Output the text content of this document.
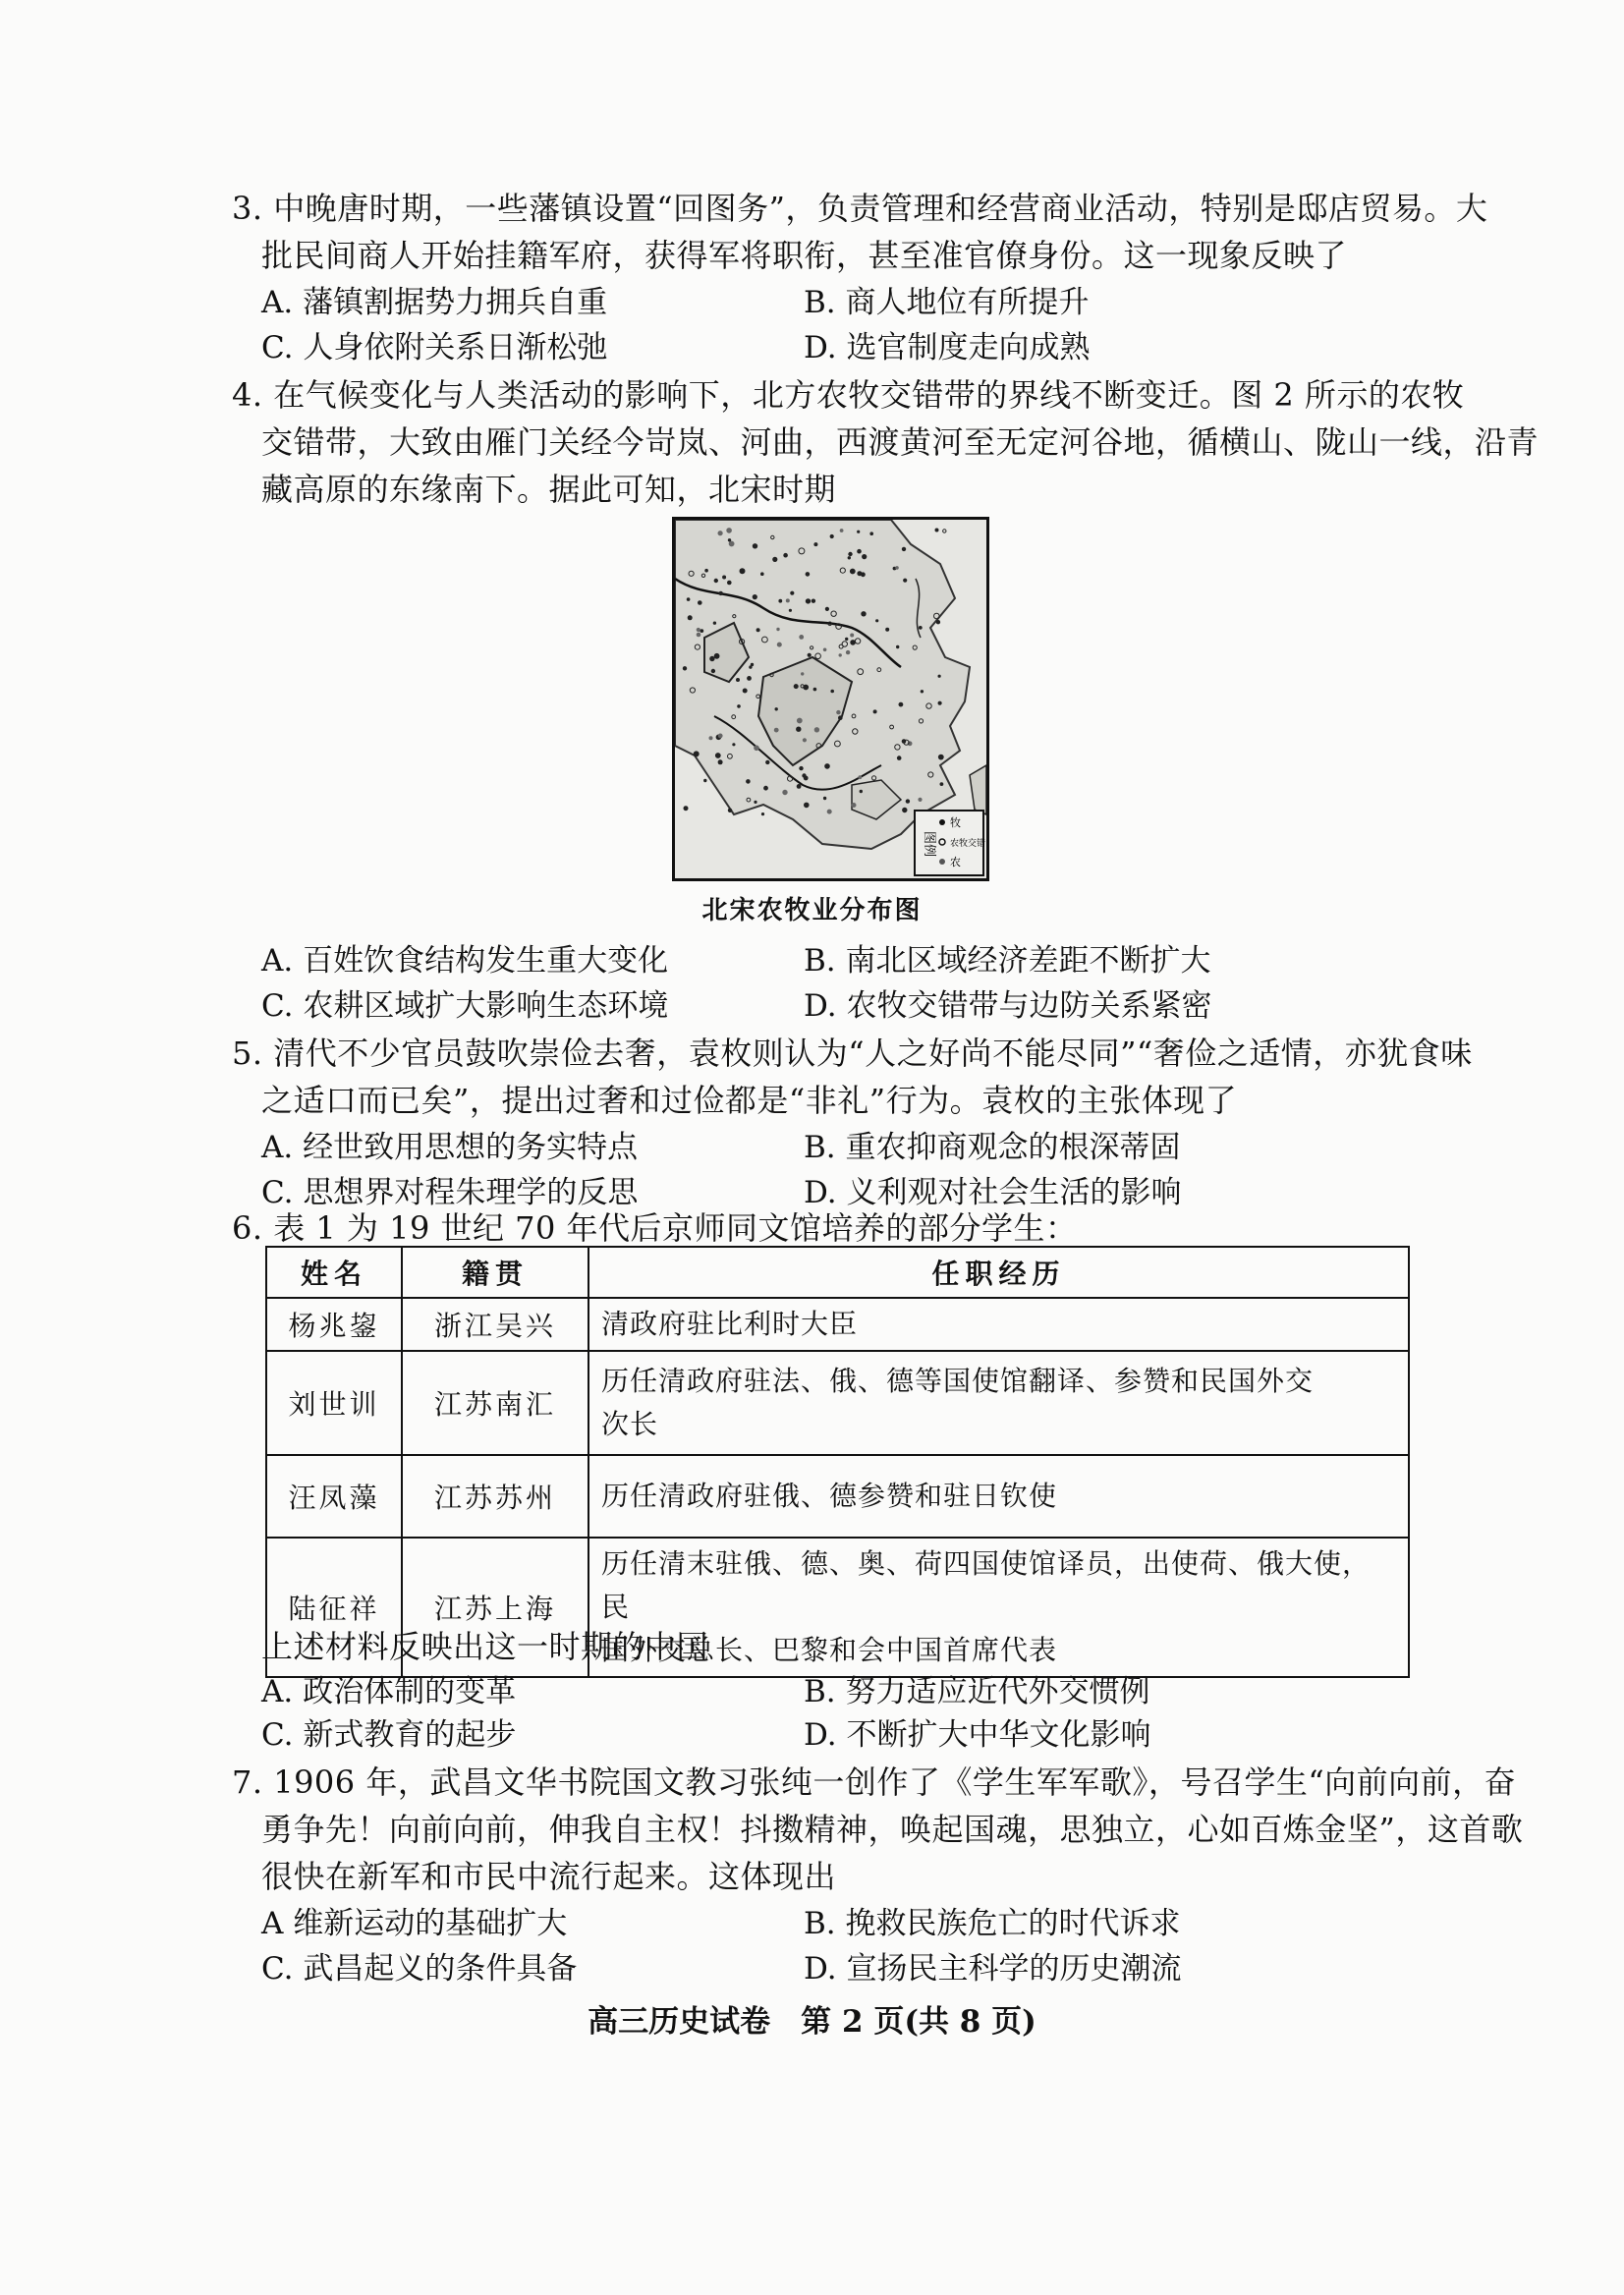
3. 中晚唐时期，一些藩镇设置“回图务”，负责管理和经营商业活动，特别是邸店贸易。大
批民间商人开始挂籍军府，获得军将职衔，甚至准官僚身份。这一现象反映了
A. 藩镇割据势力拥兵自重	B. 商人地位有所提升
C. 人身依附关系日渐松弛	D. 选官制度走向成熟
4. 在气候变化与人类活动的影响下，北方农牧交错带的界线不断变迁。图 2 所示的农牧
交错带，大致由雁门关经今岢岚、河曲，西渡黄河至无定河谷地，循横山、陇山一线，沿青
藏高原的东缘南下。据此可知，北宋时期
图例
牧
农牧交错
农
北宋农牧业分布图
A. 百姓饮食结构发生重大变化	B. 南北区域经济差距不断扩大
C. 农耕区域扩大影响生态环境	D. 农牧交错带与边防关系紧密
5. 清代不少官员鼓吹崇俭去奢，袁枚则认为“人之好尚不能尽同”“奢俭之适情，亦犹食味
之适口而已矣”，提出过奢和过俭都是“非礼”行为。袁枚的主张体现了
A. 经世致用思想的务实特点	B. 重农抑商观念的根深蒂固
C. 思想界对程朱理学的反思	D. 义利观对社会生活的影响
6. 表 1 为 19 世纪 70 年代后京师同文馆培养的部分学生：
姓名	籍贯	任职经历
杨兆鋆	浙江吴兴	清政府驻比利时大臣
刘世训	江苏南汇	历任清政府驻法、俄、德等国使馆翻译、参赞和民国外交
次长
汪凤藻	江苏苏州	历任清政府驻俄、德参赞和驻日钦使
陆征祥	江苏上海	历任清末驻俄、德、奥、荷四国使馆译员，出使荷、俄大使，民
国外交总长、巴黎和会中国首席代表
上述材料反映出这一时期的中国
A. 政治体制的变革	B. 努力适应近代外交惯例
C. 新式教育的起步	D. 不断扩大中华文化影响
7. 1906 年，武昌文华书院国文教习张纯一创作了《学生军军歌》，号召学生“向前向前，奋
勇争先！向前向前，伸我自主权！抖擞精神，唤起国魂，思独立，心如百炼金坚”，这首歌
很快在新军和市民中流行起来。这体现出
A 维新运动的基础扩大	B. 挽救民族危亡的时代诉求
C. 武昌起义的条件具备	D. 宣扬民主科学的历史潮流
高三历史试卷　第 2 页(共 8 页)
